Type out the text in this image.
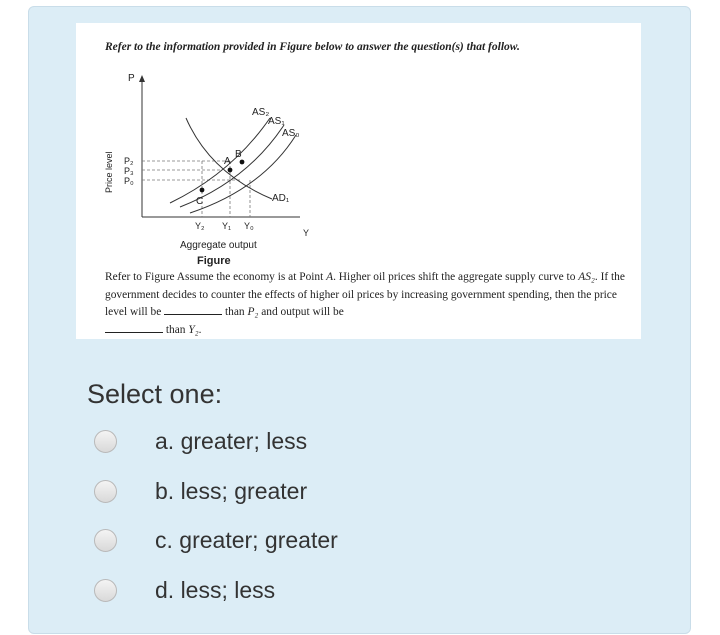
Refer to the information provided in Figure below to answer the question(s) that follow.
P
Y
Price level
Aggregate output
Figure
AS₂
AS₁
AS₀
AD₁
A
B
C
P₂
P₃
P₀
Y₂ Y₁ Y₀
Refer to Figure Assume the economy is at Point A. Higher oil prices shift the aggregate supply curve to AS₂. If the government decides to counter the effects of higher oil prices by increasing government spending, then the price level will be	than P₂ and output will be
than Y₂.
Select one:
a. greater; less
b. less; greater
c. greater; greater
d. less; less
